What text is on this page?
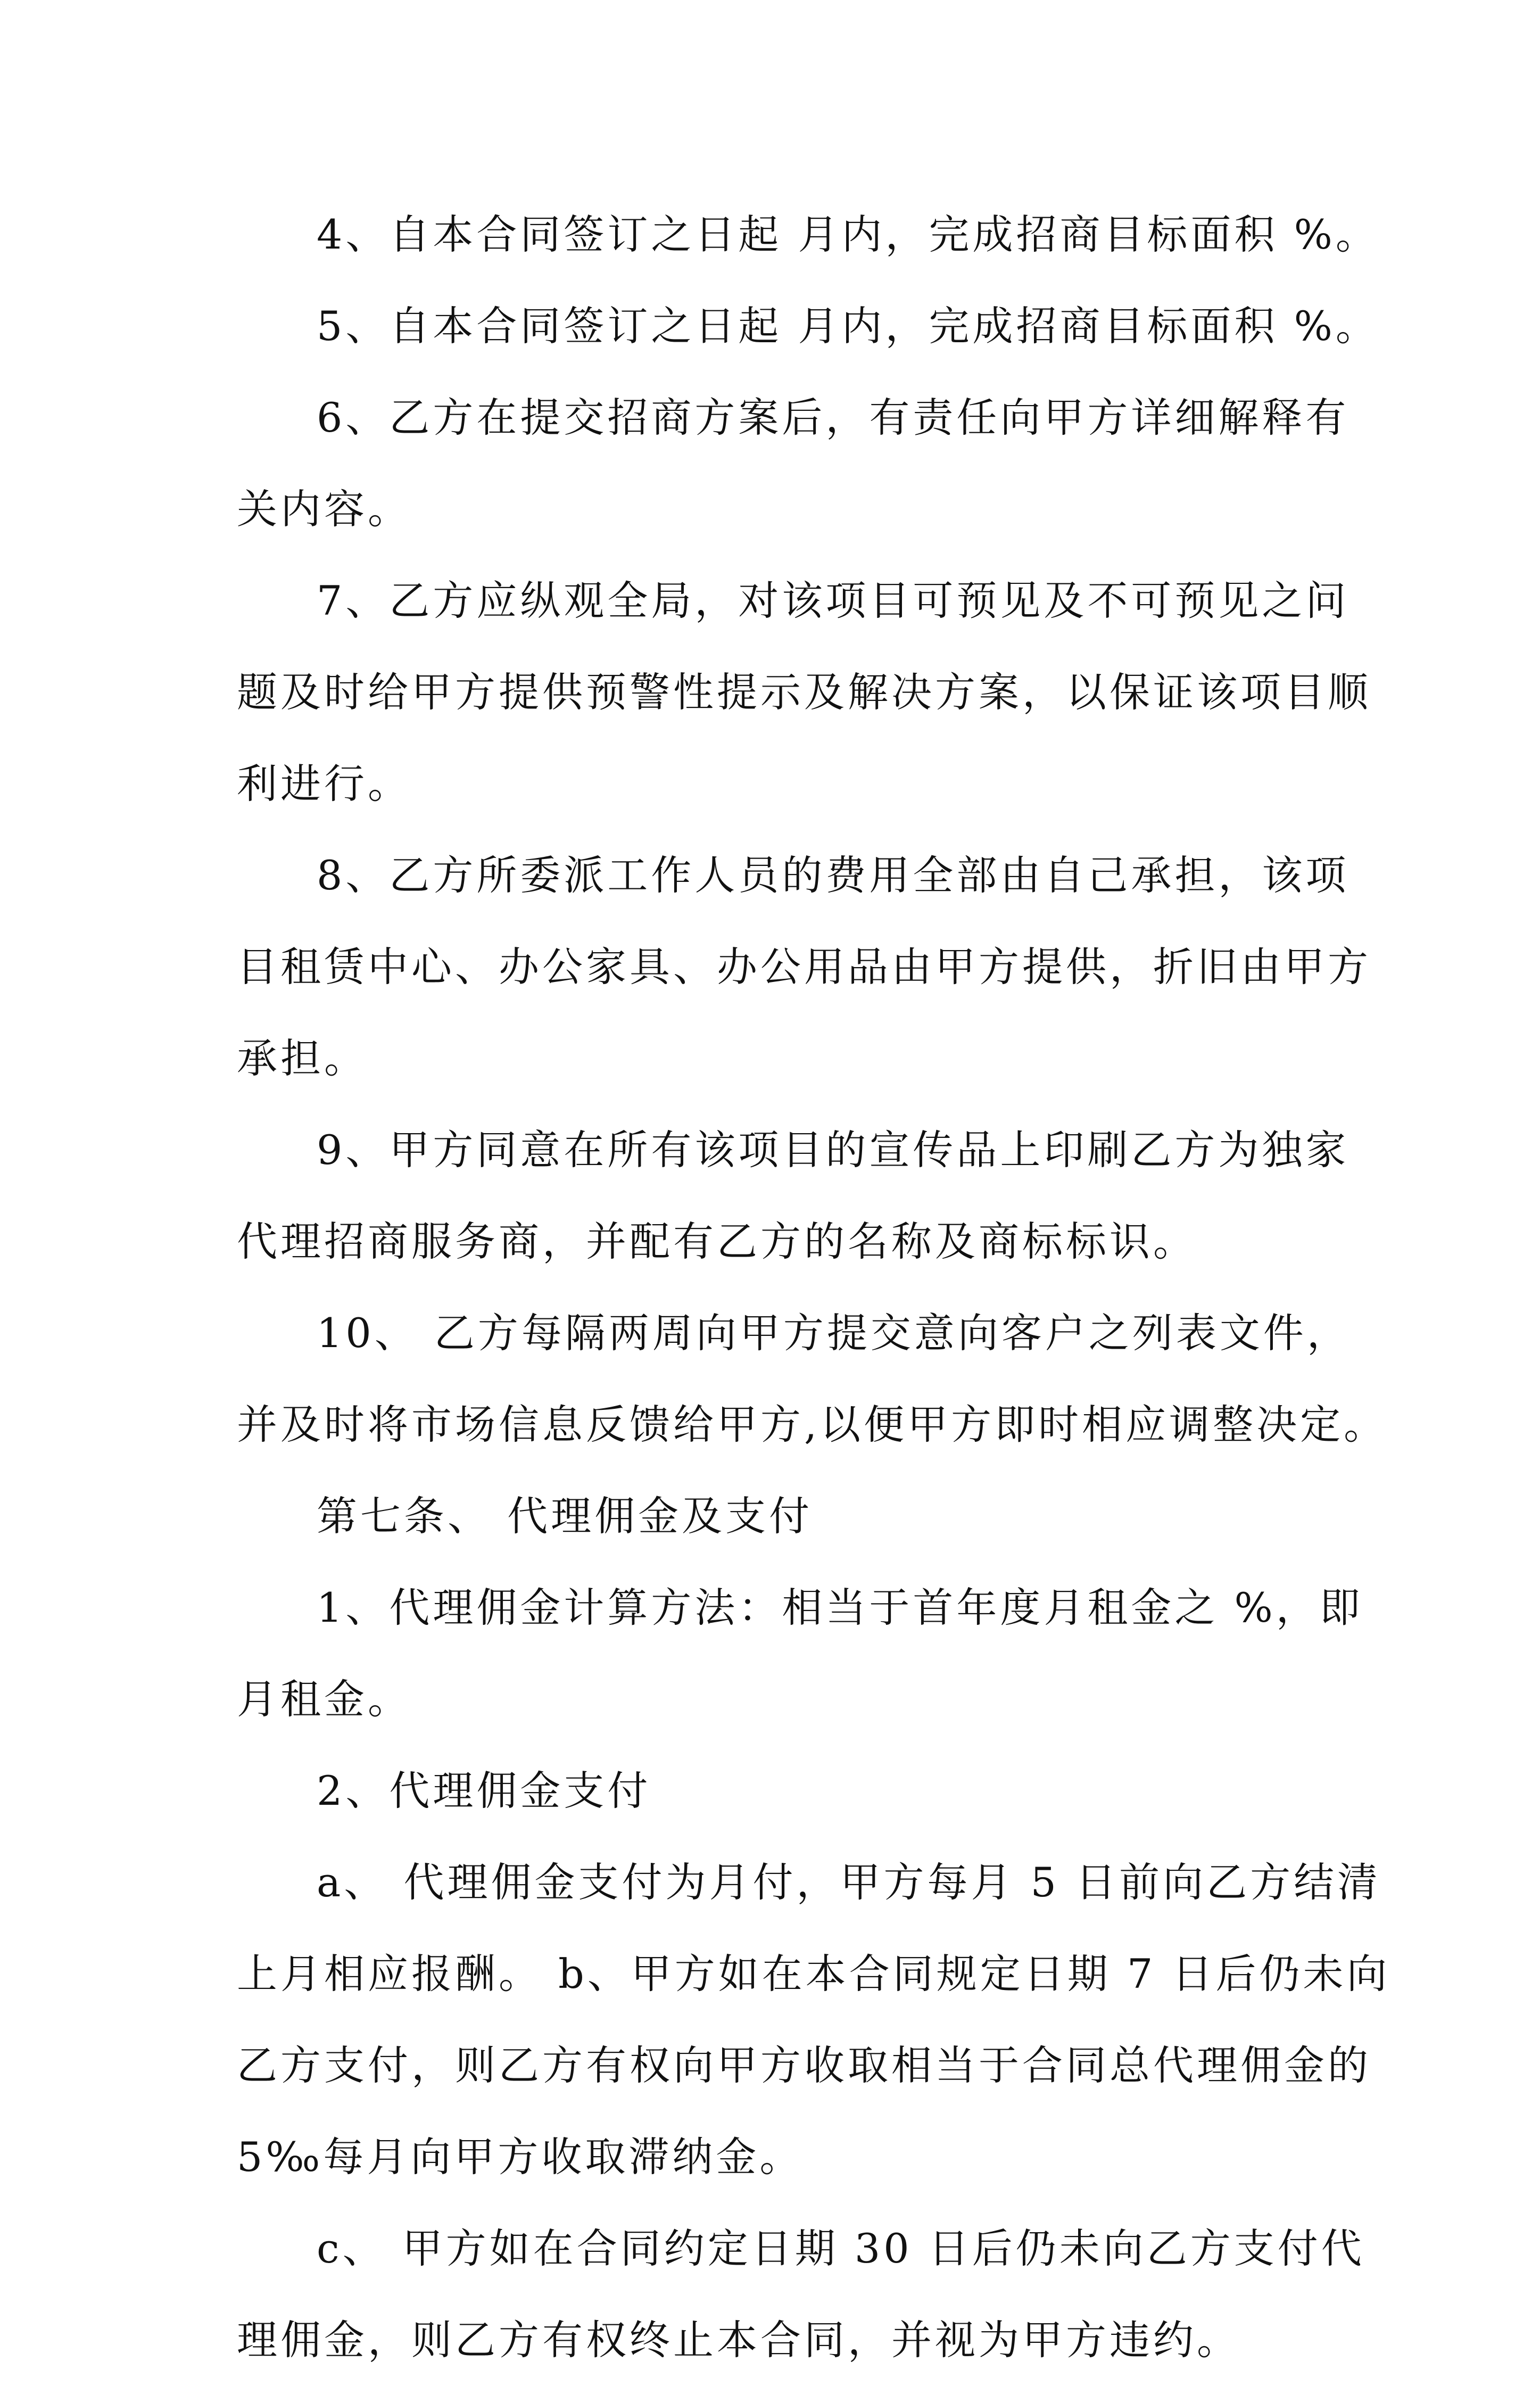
4、自本合同签订之日起 月内，完成招商目标面积 %。
5、自本合同签订之日起 月内，完成招商目标面积 %。
6、乙方在提交招商方案后，有责任向甲方详细解释有
关内容。
7、乙方应纵观全局，对该项目可预见及不可预见之问
题及时给甲方提供预警性提示及解决方案，以保证该项目顺
利进行。
8、乙方所委派工作人员的费用全部由自己承担，该项
目租赁中心、办公家具、办公用品由甲方提供，折旧由甲方
承担。
9、甲方同意在所有该项目的宣传品上印刷乙方为独家
代理招商服务商，并配有乙方的名称及商标标识。
10、 乙方每隔两周向甲方提交意向客户之列表文件，
并及时将市场信息反馈给甲方,以便甲方即时相应调整决定。
第七条、 代理佣金及支付
1、代理佣金计算方法：相当于首年度月租金之 %，即
月租金。
2、代理佣金支付
a、 代理佣金支付为月付，甲方每月 5 日前向乙方结清
上月相应报酬。 b、甲方如在本合同规定日期 7 日后仍未向
乙方支付，则乙方有权向甲方收取相当于合同总代理佣金的
5‰每月向甲方收取滞纳金。
c、 甲方如在合同约定日期 30 日后仍未向乙方支付代
理佣金，则乙方有权终止本合同，并视为甲方违约。
